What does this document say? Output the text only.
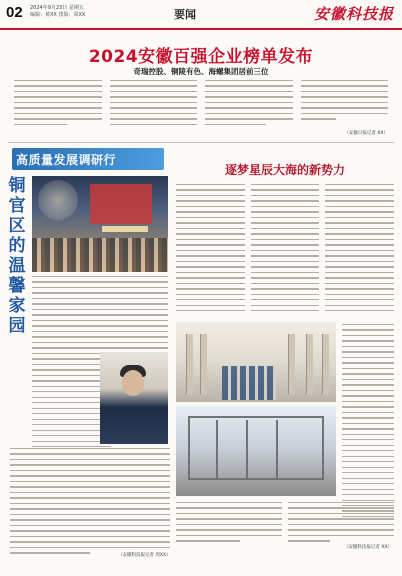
02 2024年9月23日 星期五
编辑：黄XX 排版：周XX	要闻	安徽科技报
2024安徽百强企业榜单发布
奇瑞控股、铜陵有色、海螺集团居前三位
（安徽日报记者 XX）
高质量发展调研行
铜官区的温馨家园
（安徽科技报记者 周XX）
逐梦星辰大海的新势力
（安徽科技报记者 XX）
